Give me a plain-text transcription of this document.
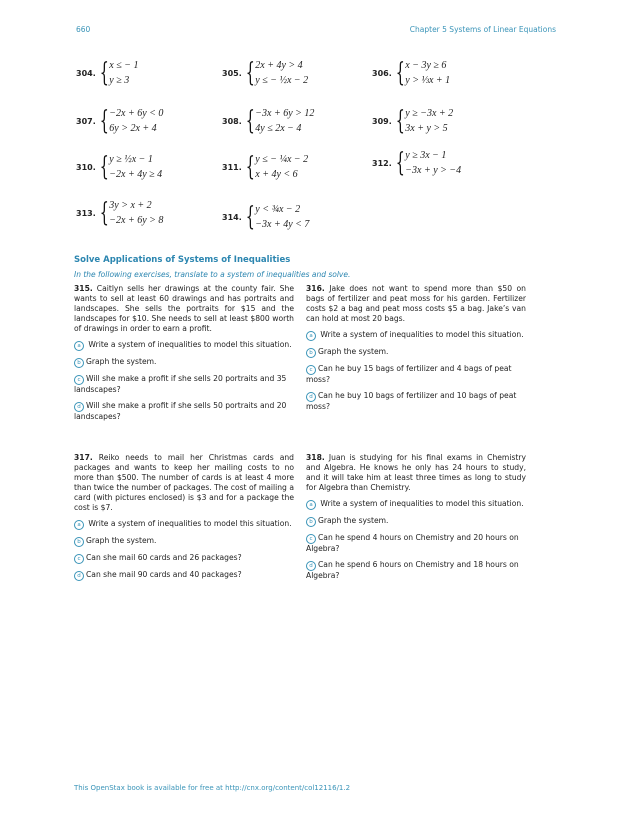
660	Chapter 5 Systems of Linear Equations
304. { x ≤ − 1
y ≥ 3
305. { 2x + 4y > 4
y ≤ − ½x − 2
306. { x − 3y ≥ 6
y > ⅓x + 1
307. { −2x + 6y < 0
6y > 2x + 4
308. { −3x + 6y > 12
4y ≤ 2x − 4
309. { y ≥ −3x + 2
3x + y > 5
310. { y ≥ ½x − 1
−2x + 4y ≥ 4
311. { y ≤ − ¼x − 2
x + 4y < 6
312. { y ≥ 3x − 1
−3x + y > −4
313. { 3y > x + 2
−2x + 6y > 8	314. { y < ¾x − 2
−3x + 4y < 7
Solve Applications of Systems of Inequalities
In the following exercises, translate to a system of inequalities and solve.
315. Caitlyn sells her drawings at the county fair. She wants to sell at least 60 drawings and has portraits and landscapes. She sells the portraits for $15 and the landscapes for $10. She needs to sell at least $800 worth of drawings in order to earn a profit.
a Write a system of inequalities to model this situation.
b Graph the system.
c Will she make a profit if she sells 20 portraits and 35 landscapes?
d Will she make a profit if she sells 50 portraits and 20 landscapes?
316. Jake does not want to spend more than $50 on bags of fertilizer and peat moss for his garden. Fertilizer costs $2 a bag and peat moss costs $5 a bag. Jake’s van can hold at most 20 bags.
a Write a system of inequalities to model this situation.
b Graph the system.
c Can he buy 15 bags of fertilizer and 4 bags of peat moss?
d Can he buy 10 bags of fertilizer and 10 bags of peat moss?
317. Reiko needs to mail her Christmas cards and packages and wants to keep her mailing costs to no more than $500. The number of cards is at least 4 more than twice the number of packages. The cost of mailing a card (with pictures enclosed) is $3 and for a package the cost is $7.
a Write a system of inequalities to model this situation.
b Graph the system.
c Can she mail 60 cards and 26 packages?
d Can she mail 90 cards and 40 packages?
318. Juan is studying for his final exams in Chemistry and Algebra. He knows he only has 24 hours to study, and it will take him at least three times as long to study for Algebra than Chemistry.
a Write a system of inequalities to model this situation.
b Graph the system.
c Can he spend 4 hours on Chemistry and 20 hours on Algebra?
d Can he spend 6 hours on Chemistry and 18 hours on Algebra?
This OpenStax book is available for free at http://cnx.org/content/col12116/1.2
